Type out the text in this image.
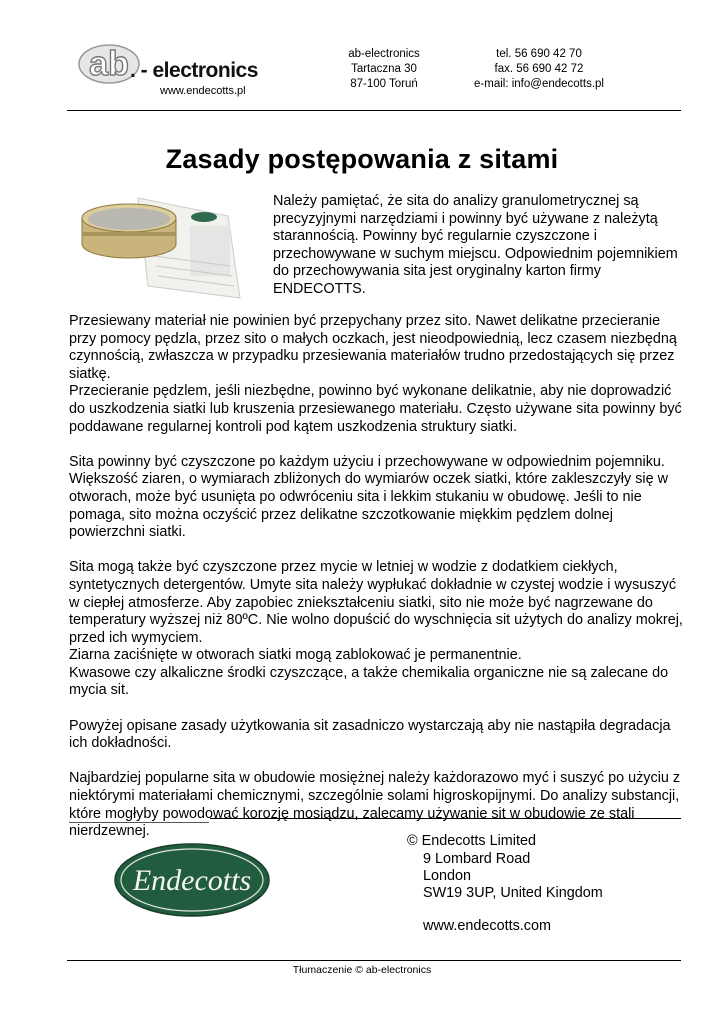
ab . - electronics
www.endecotts.pl
ab-electronics
Tartaczna 30
87-100 Toruń
tel. 56 690 42 70
fax. 56 690 42 72
e-mail: info@endecotts.pl
Zasady postępowania z sitami
Należy pamiętać, że sita do analizy granulometrycznej są precyzyjnymi narzędziami i powinny być używane z należytą starannością. Powinny być regularnie czyszczone i przechowywane w suchym miejscu. Odpowiednim pojemnikiem do przechowywania sita jest oryginalny karton firmy ENDECOTTS.

Przesiewany materiał nie powinien być przepychany przez sito. Nawet delikatne przecieranie przy pomocy pędzla, przez sito o małych oczkach, jest nieodpowiednią, lecz czasem niezbędną czynnością, zwłaszcza w przypadku przesiewania materiałów trudno przedostających się przez siatkę.

Przecieranie pędzlem, jeśli niezbędne, powinno być wykonane delikatnie, aby nie doprowadzić do uszkodzenia siatki lub kruszenia przesiewanego materiału. Często używane sita powinny być poddawane regularnej kontroli pod kątem uszkodzenia struktury siatki.

Sita powinny być czyszczone po każdym użyciu i przechowywane w odpowiednim pojemniku. Większość ziaren, o wymiarach zbliżonych do wymiarów oczek siatki, które zakleszczyły się w otworach, może być usunięta po odwróceniu sita i lekkim stukaniu w obudowę. Jeśli to nie pomaga, sito można oczyścić przez delikatne szczotkowanie miękkim pędzlem dolnej powierzchni siatki.

Sita mogą także być czyszczone przez mycie w letniej w wodzie z dodatkiem ciekłych, syntetycznych detergentów. Umyte sita należy wypłukać dokładnie w czystej wodzie i wysuszyć w ciepłej atmosferze. Aby zapobiec zniekształceniu siatki, sito nie może być nagrzewane do temperatury wyższej niż 80ºC. Nie wolno dopuścić do wyschnięcia sit użytych do analizy mokrej, przed ich wymyciem.

Ziarna zaciśnięte w otworach siatki mogą zablokować je permanentnie.

Kwasowe czy alkaliczne środki czyszczące, a także chemikalia organiczne nie są zalecane do mycia sit.

Powyżej opisane zasady użytkowania sit zasadniczo wystarczają aby nie nastąpiła degradacja ich dokładności.

Najbardziej popularne sita w obudowie mosiężnej należy każdorazowo myć i suszyć po użyciu z niektórymi materiałami chemicznymi, szczególnie solami higroskopijnymi. Do analizy substancji, które mogłyby powodować korozję mosiądzu, zalecamy używanie sit w obudowie ze stali nierdzewnej.

Endecotts
© Endecotts Limited
9 Lombard Road
London
SW19 3UP, United Kingdom
www.endecotts.com
Tłumaczenie © ab-electronics
